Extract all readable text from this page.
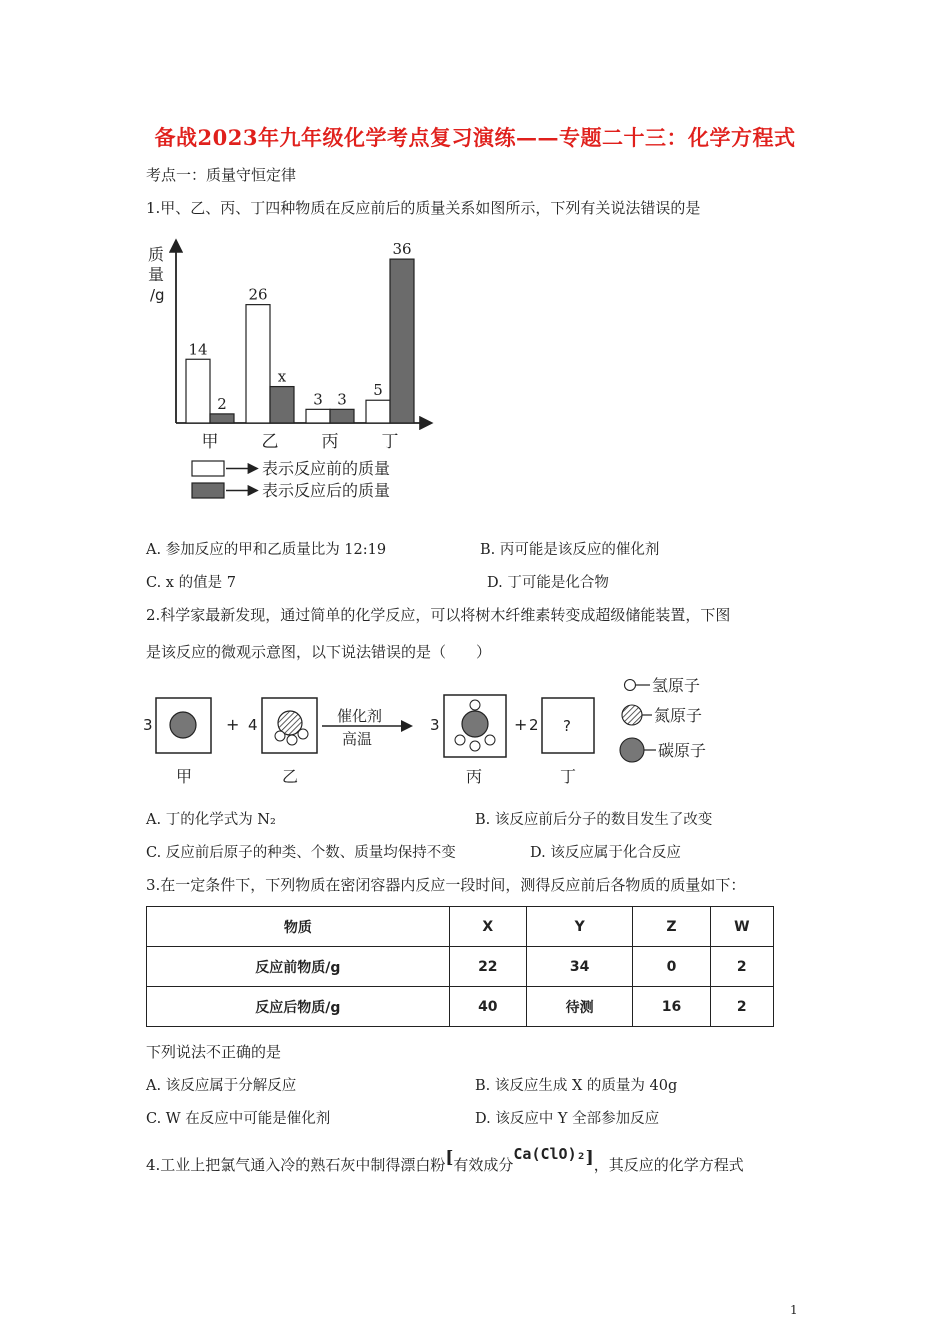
备战2023年九年级化学考点复习演练——专题二十三：化学方程式
考点一：质量守恒定律
1.甲、乙、丙、丁四种物质在反应前后的质量关系如图所示，下列有关说法错误的是
质
量
/g
14
2
甲
26
x
乙
3 3
丙
5
36
丁
表示反应前的质量
表示反应后的质量
A. 参加反应的甲和乙质量比为 12:19	B. 丙可能是该反应的催化剂
C. x 的值是 7	D. 丁可能是化合物
2.科学家最新发现，通过简单的化学反应，可以将树木纤维素转变成超级储能装置，下图
是该反应的微观示意图，以下说法错误的是（　　）
3
甲
+ 4
乙
催化剂
高温
3
丙
+ 2 ?
丁
氢原子
氮原子
碳原子
A. 丁的化学式为 N₂	B. 该反应前后分子的数目发生了改变
C. 反应前后原子的种类、个数、质量均保持不变	D. 该反应属于化合反应
3.在一定条件下，下列物质在密闭容器内反应一段时间，测得反应前后各物质的质量如下：
物质	X	Y	Z	W
反应前物质/g	22	34	0	2
反应后物质/g	40	待测	16	2
下列说法不正确的是
A. 该反应属于分解反应	B. 该反应生成 X 的质量为 40g
C. W 在反应中可能是催化剂	D. 该反应中 Y 全部参加反应
4.工业上把氯气通入冷的熟石灰中制得漂白粉[有效成分Ca(ClO)₂]，其反应的化学方程式
1
